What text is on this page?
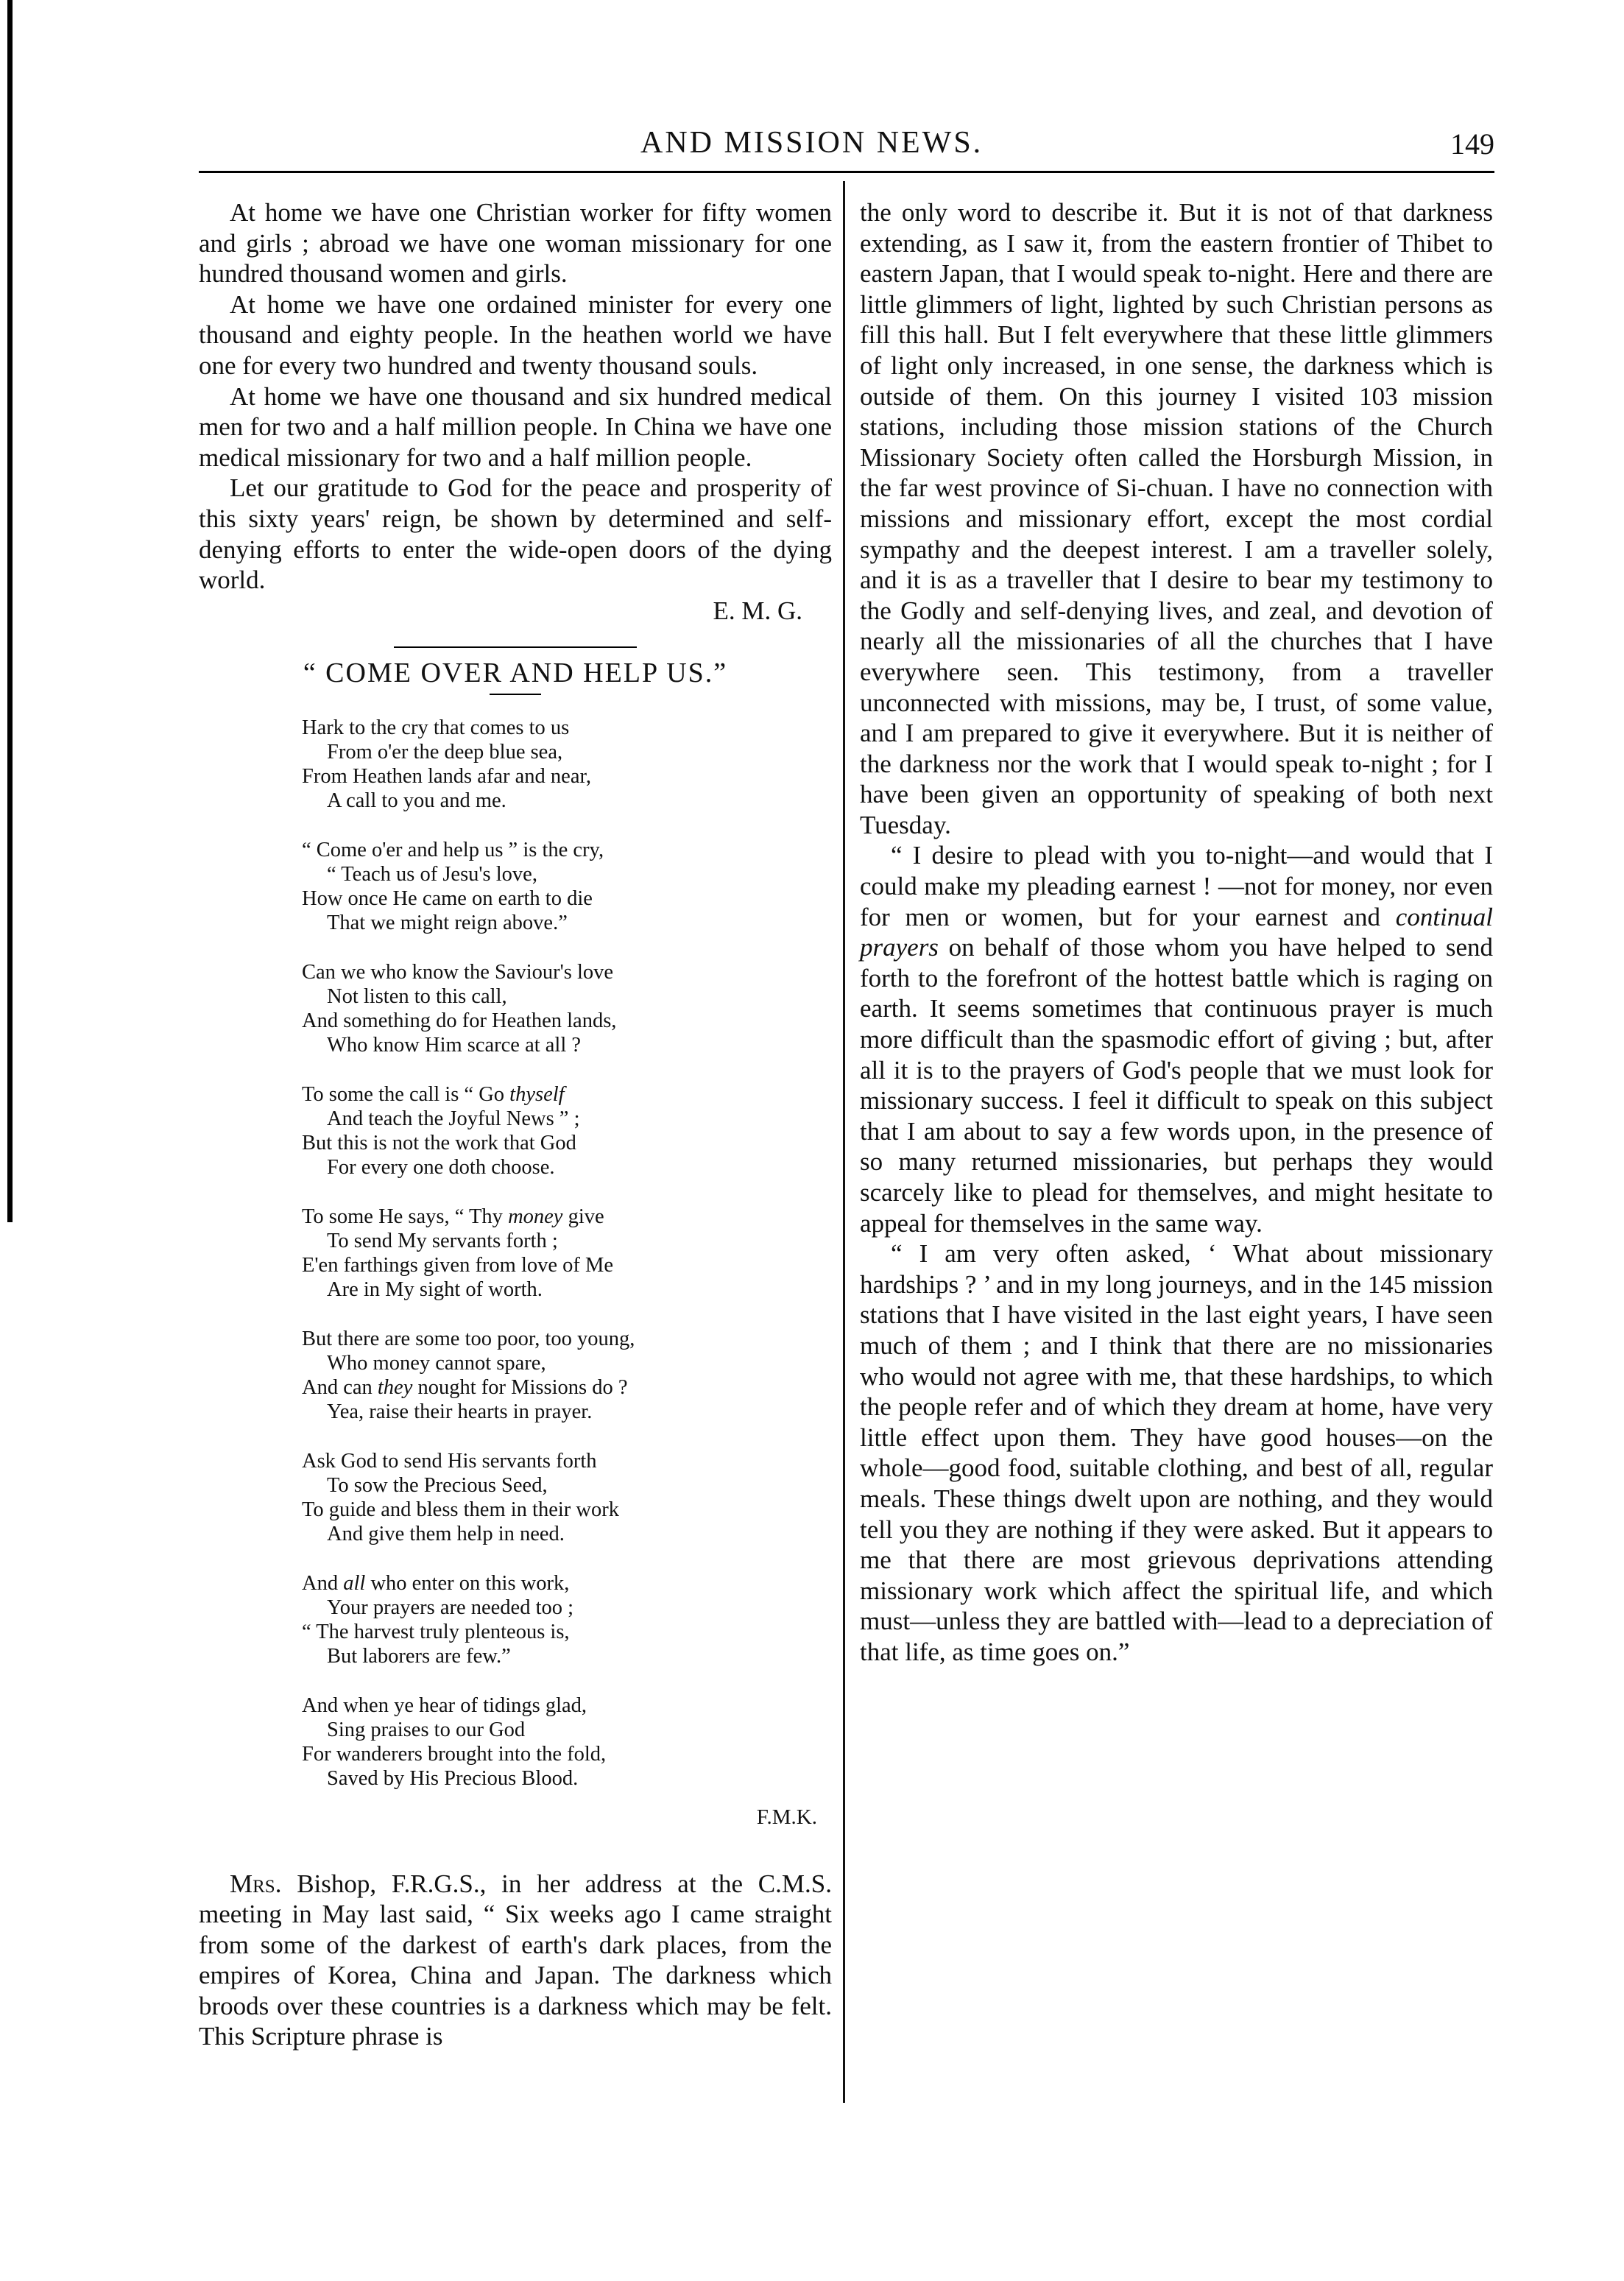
AND MISSION NEWS.	149

At home we have one Christian worker for fifty women and girls ; abroad we have one woman missionary for one hundred thousand women and girls.

At home we have one ordained minister for every one thousand and eighty people. In the heathen world we have one for every two hundred and twenty thousand souls.

At home we have one thousand and six hundred medical men for two and a half million people. In China we have one medical missionary for two and a half million people.

Let our gratitude to God for the peace and prosperity of this sixty years' reign, be shown by determined and self-denying efforts to enter the wide-open doors of the dying world.

E. M. G.
“ COME OVER AND HELP US.”
Hark to the cry that comes to us
From o'er the deep blue sea,
From Heathen lands afar and near,
A call to you and me.
“ Come o'er and help us ” is the cry,
“ Teach us of Jesu's love,
How once He came on earth to die
That we might reign above.”
Can we who know the Saviour's love
Not listen to this call,
And something do for Heathen lands,
Who know Him scarce at all ?
To some the call is “ Go thyself
And teach the Joyful News ” ;
But this is not the work that God
For every one doth choose.
To some He says, “ Thy money give
To send My servants forth ;
E'en farthings given from love of Me
Are in My sight of worth.
But there are some too poor, too young,
Who money cannot spare,
And can they nought for Missions do ?
Yea, raise their hearts in prayer.
Ask God to send His servants forth
To sow the Precious Seed,
To guide and bless them in their work
And give them help in need.
And all who enter on this work,
Your prayers are needed too ;
“ The harvest truly plenteous is,
But laborers are few.”
And when ye hear of tidings glad,
Sing praises to our God
For wanderers brought into the fold,
Saved by His Precious Blood.
F.M.K.

Mrs. Bishop, F.R.G.S., in her address at the C.M.S. meeting in May last said, “ Six weeks ago I came straight from some of the darkest of earth's dark places, from the empires of Korea, China and Japan. The darkness which broods over these countries is a darkness which may be felt. This Scripture phrase is

the only word to describe it. But it is not of that darkness extending, as I saw it, from the eastern frontier of Thibet to eastern Japan, that I would speak to-night. Here and there are little glimmers of light, lighted by such Christian persons as fill this hall. But I felt everywhere that these little glimmers of light only increased, in one sense, the darkness which is outside of them. On this journey I visited 103 mission stations, including those mission stations of the Church Missionary Society often called the Horsburgh Mission, in the far west province of Si-chuan. I have no connection with missions and missionary effort, except the most cordial sympathy and the deepest interest. I am a traveller solely, and it is as a traveller that I desire to bear my testimony to the Godly and self-denying lives, and zeal, and devotion of nearly all the missionaries of all the churches that I have everywhere seen. This testimony, from a traveller unconnected with missions, may be, I trust, of some value, and I am prepared to give it everywhere. But it is neither of the darkness nor the work that I would speak to-night ; for I have been given an opportunity of speaking of both next Tuesday.

“ I desire to plead with you to-night—and would that I could make my pleading earnest ! —not for money, nor even for men or women, but for your earnest and continual prayers on behalf of those whom you have helped to send forth to the forefront of the hottest battle which is raging on earth. It seems sometimes that continuous prayer is much more difficult than the spasmodic effort of giving ; but, after all it is to the prayers of God's people that we must look for missionary success. I feel it difficult to speak on this subject that I am about to say a few words upon, in the presence of so many returned missionaries, but perhaps they would scarcely like to plead for themselves, and might hesitate to appeal for themselves in the same way.

“ I am very often asked, ‘ What about missionary hardships ? ’ and in my long journeys, and in the 145 mission stations that I have visited in the last eight years, I have seen much of them ; and I think that there are no missionaries who would not agree with me, that these hardships, to which the people refer and of which they dream at home, have very little effect upon them. They have good houses—on the whole—good food, suitable clothing, and best of all, regular meals. These things dwelt upon are nothing, and they would tell you they are nothing if they were asked. But it appears to me that there are most grievous deprivations attending missionary work which affect the spiritual life, and which must—unless they are battled with—lead to a depreciation of that life, as time goes on.”
